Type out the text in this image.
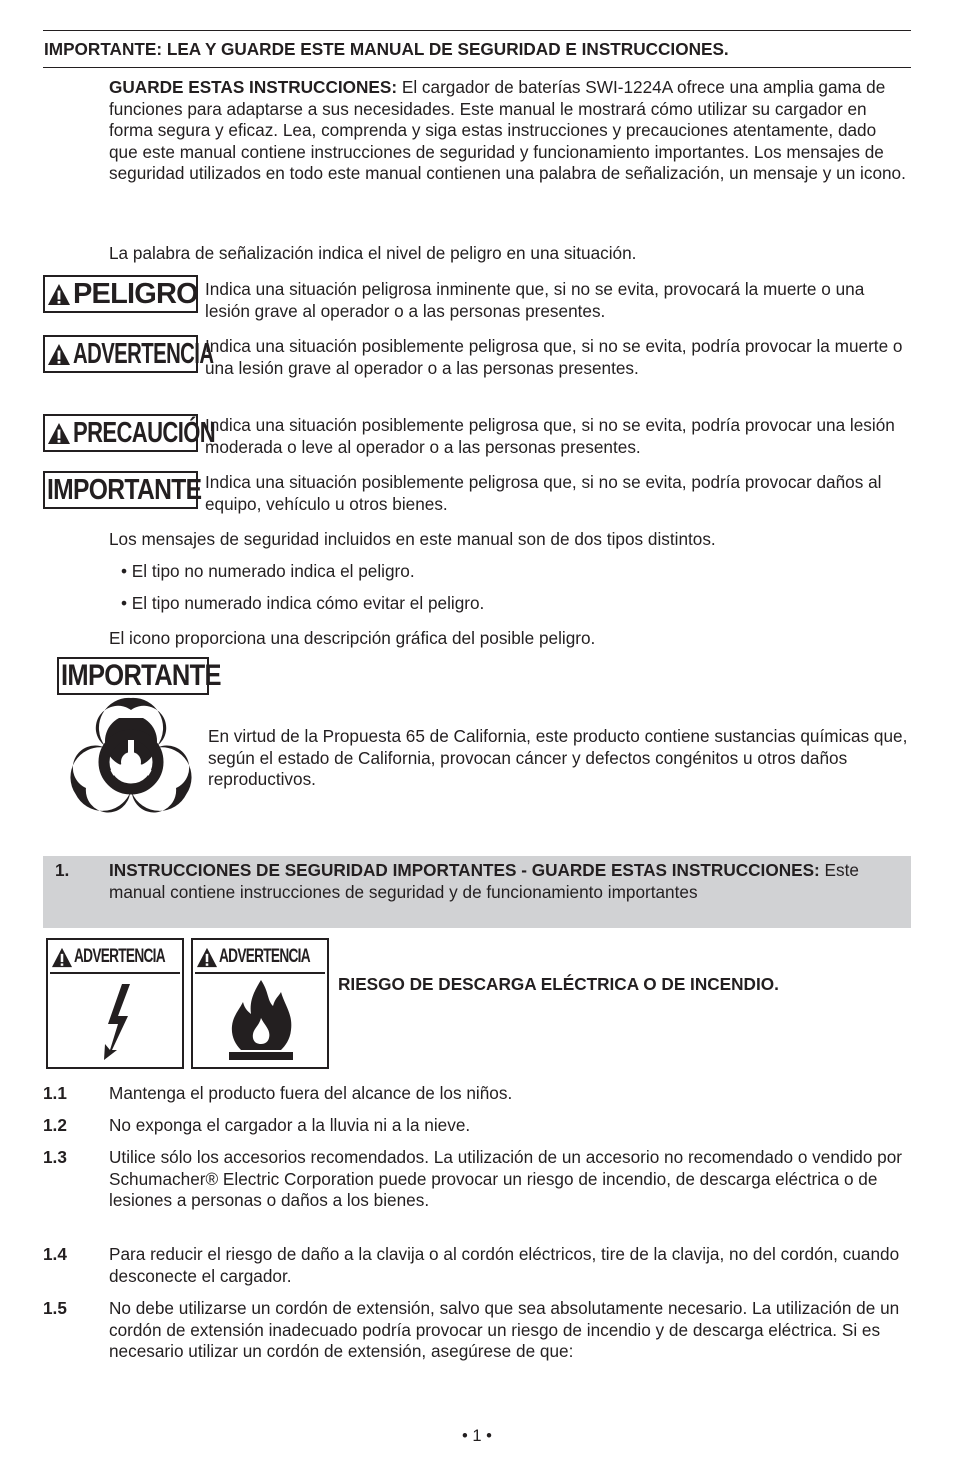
IMPORTANTE: LEA Y GUARDE ESTE MANUAL DE SEGURIDAD E INSTRUCCIONES.

GUARDE ESTAS INSTRUCCIONES: El cargador de baterías SWI-1224A ofrece una amplia gama de funciones para adaptarse a sus necesidades. Este manual le mostrará cómo utilizar su cargador en forma segura y eficaz. Lea, comprenda y siga estas instrucciones y precauciones atentamente, dado que este manual contiene instrucciones de seguridad y funcionamiento importantes. Los mensajes de seguridad utilizados en todo este manual contienen una palabra de señalización, un mensaje y un icono.

La palabra de señalización indica el nivel de peligro en una situación.

PELIGRO Indica una situación peligrosa inminente que, si no se evita, provocará la muerte o una lesión grave al operador o a las personas presentes.

ADVERTENCIA

Indica una situación posiblemente peligrosa que, si no se evita, podría provocar la muerte o una lesión grave al operador o a las personas presentes.

PRECAUCIÓN

Indica una situación posiblemente peligrosa que, si no se evita, podría provocar una lesión moderada o leve al operador o a las personas presentes.

IMPORTANTE Indica una situación posiblemente peligrosa que, si no se evita, podría provocar daños al equipo, vehículo u otros bienes.

Los mensajes de seguridad incluidos en este manual son de dos tipos distintos.

• El tipo no numerado indica el peligro.

• El tipo numerado indica cómo evitar el peligro.

El icono proporciona una descripción gráfica del posible peligro.

IMPORTANTE

En virtud de la Propuesta 65 de California, este producto contiene sustancias químicas que, según el estado de California, provocan cáncer y defectos congénitos u otros daños reproductivos.

1. INSTRUCCIONES DE SEGURIDAD IMPORTANTES - GUARDE ESTAS INSTRUCCIONES: Este manual contiene instrucciones de seguridad y de funcionamiento importantes

ADVERTENCIA	ADVERTENCIA
RIESGO DE DESCARGA ELÉCTRICA O DE INCENDIO.
1.1 Mantenga el producto fuera del alcance de los niños.

1.2 No exponga el cargador a la lluvia ni a la nieve.

1.3 Utilice sólo los accesorios recomendados. La utilización de un accesorio no recomendado o vendido por Schumacher® Electric Corporation puede provocar un riesgo de incendio, de descarga eléctrica o de lesiones a personas o daños a los bienes.

1.4 Para reducir el riesgo de daño a la clavija o al cordón eléctricos, tire de la clavija, no del cordón, cuando desconecte el cargador.

1.5 No debe utilizarse un cordón de extensión, salvo que sea absolutamente necesario. La utilización de un cordón de extensión inadecuado podría provocar un riesgo de incendio y de descarga eléctrica. Si es necesario utilizar un cordón de extensión, asegúrese de que:

• 1 •
